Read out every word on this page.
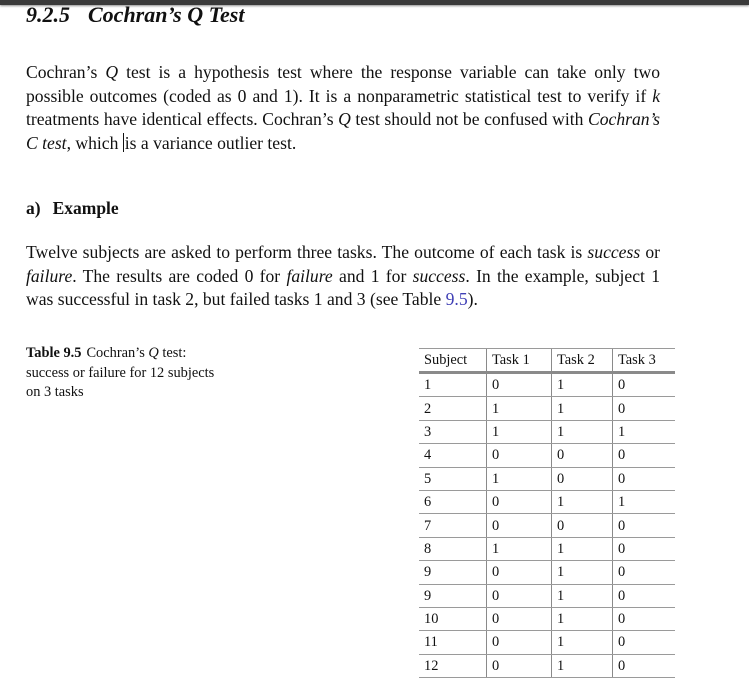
9.2.5 Cochran’s Q Test
Cochran’s Q test is a hypothesis test where the response variable can take only two possible outcomes (coded as 0 and 1). It is a nonparametric statistical test to verify if k treatments have identical effects. Cochran’s Q test should not be confused with Cochran’s C test, which is a variance outlier test.
a) Example
Twelve subjects are asked to perform three tasks. The outcome of each task is success or failure. The results are coded 0 for failure and 1 for success. In the example, subject 1 was successful in task 2, but failed tasks 1 and 3 (see Table 9.5).
Table 9.5 Cochran’s Q test: success or failure for 12 subjects on 3 tasks
Subject	Task 1	Task 2	Task 3
1	0	1	0
2	1	1	0
3	1	1	1
4	0	0	0
5	1	0	0
6	0	1	1
7	0	0	0
8	1	1	0
9	0	1	0
9	0	1	0
10	0	1	0
11	0	1	0
12	0	1	0
